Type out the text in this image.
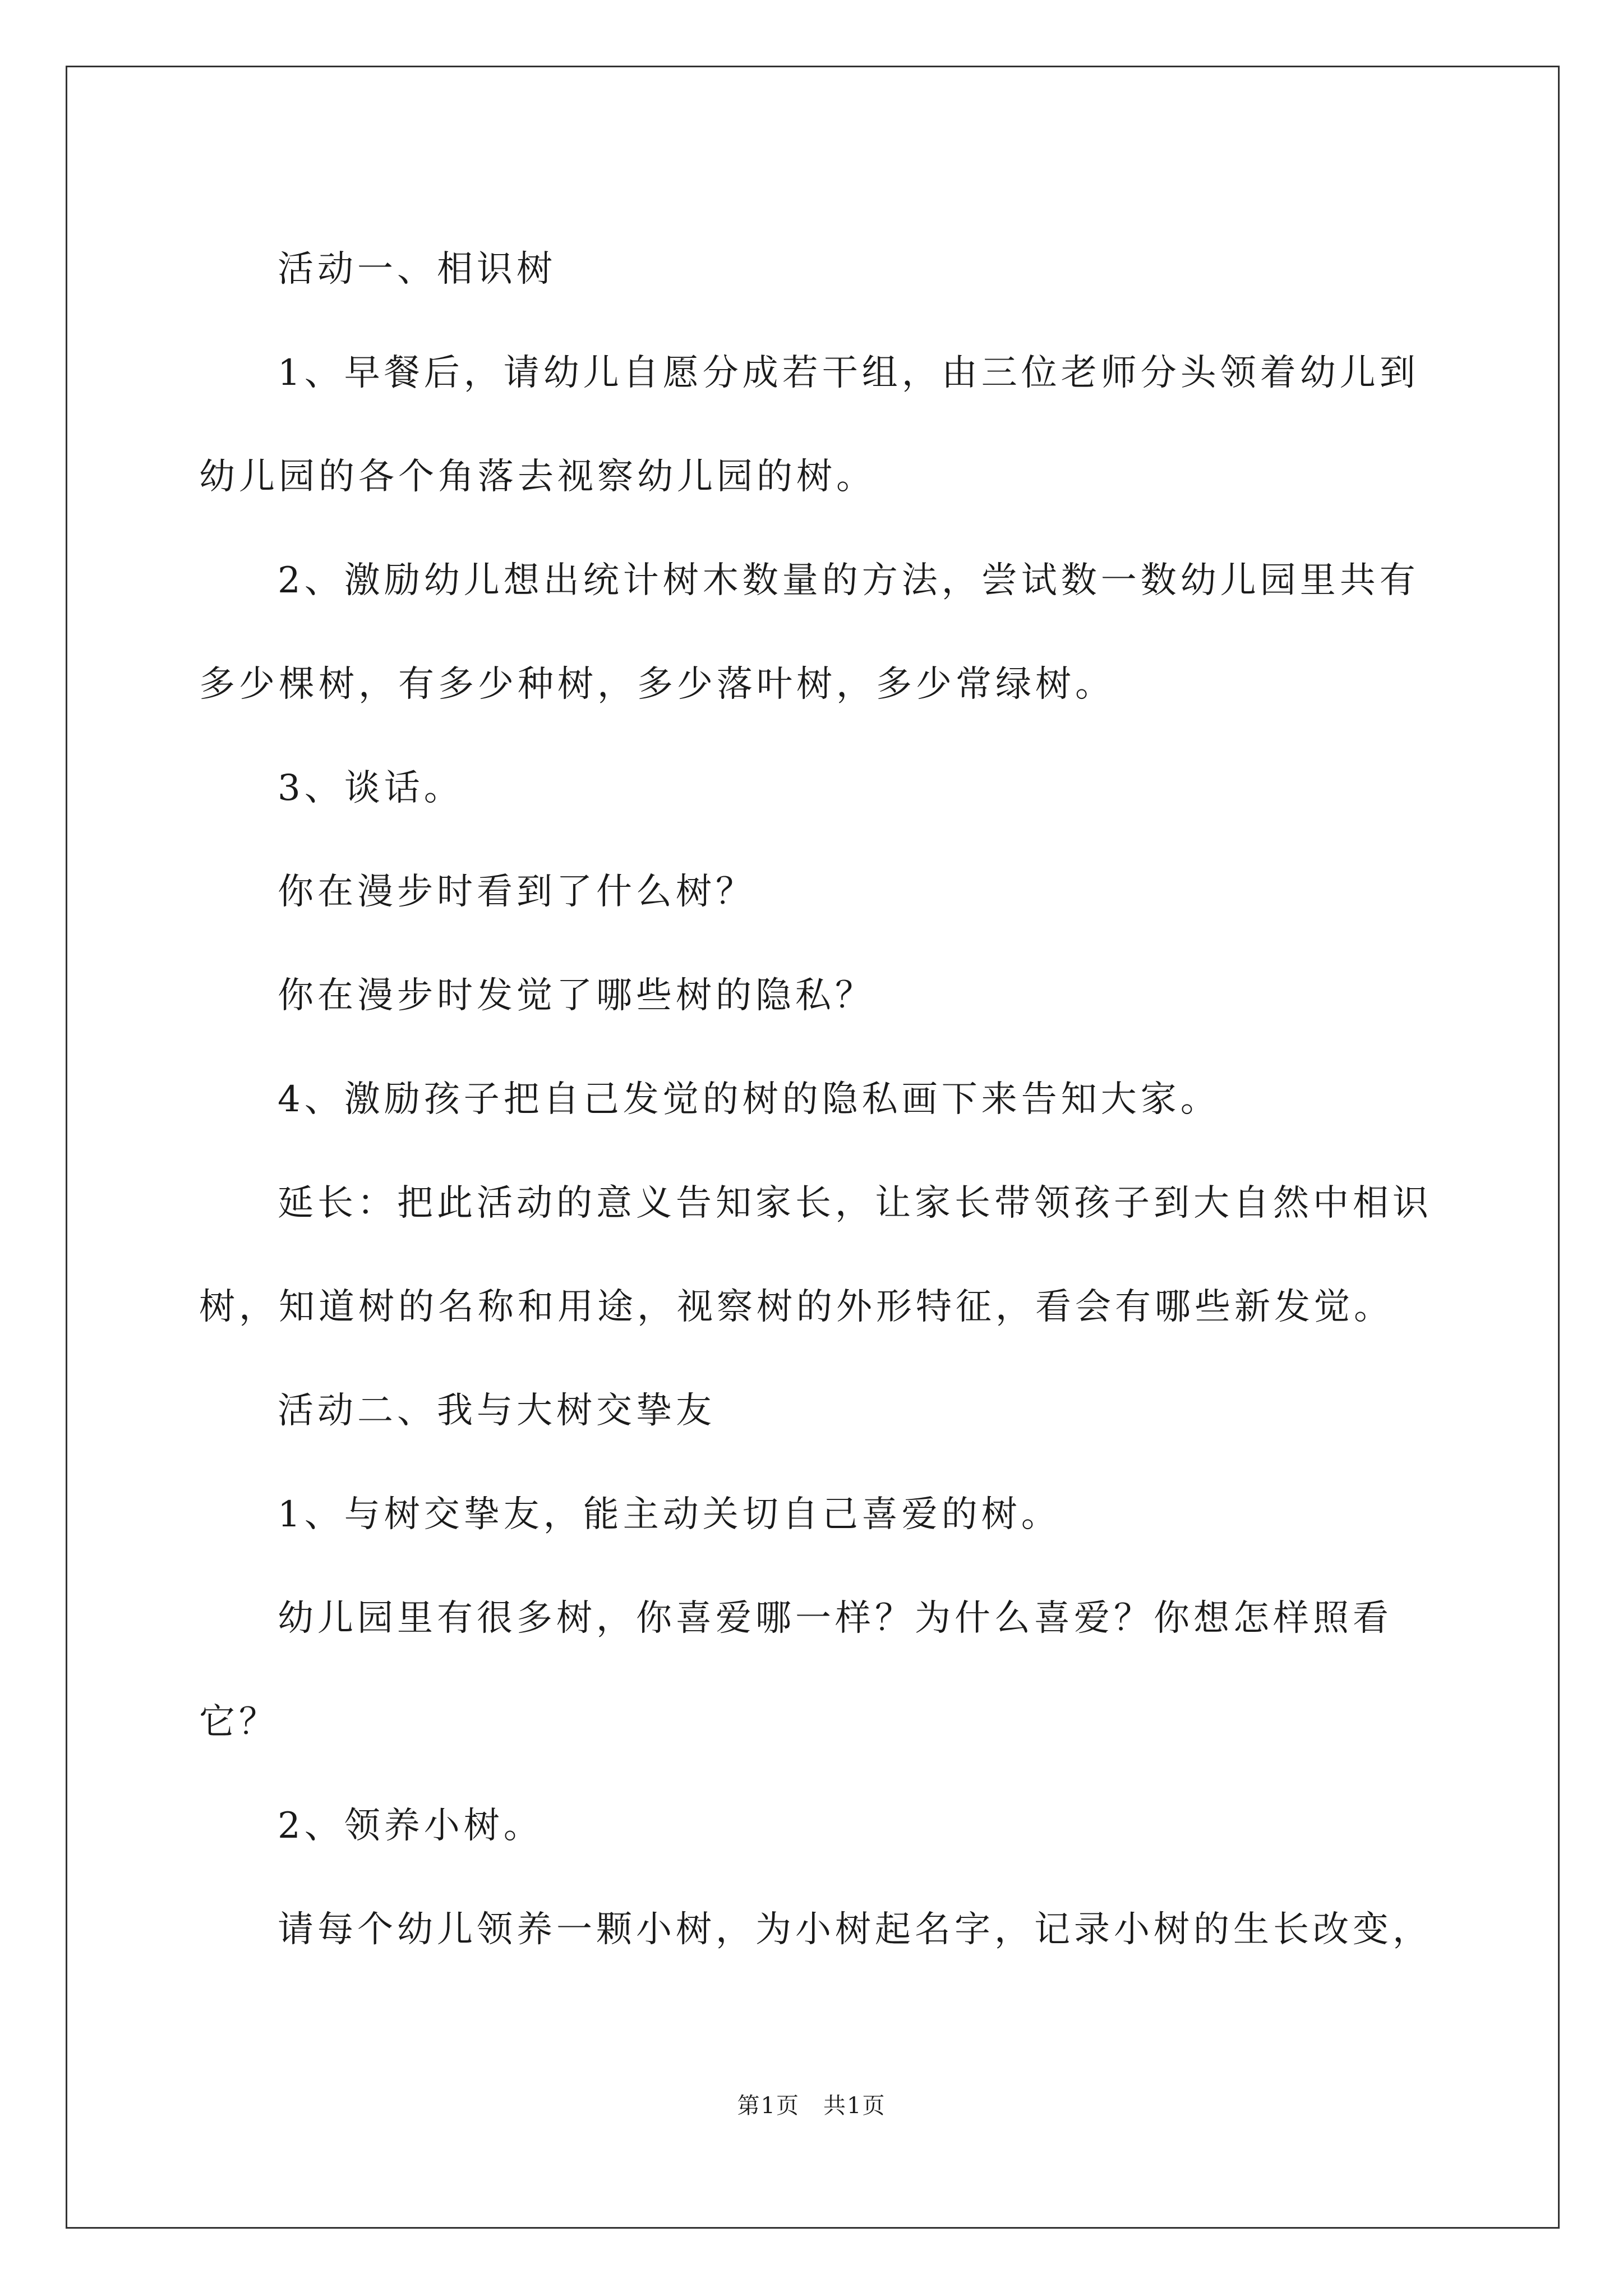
活动一、相识树

1、早餐后，请幼儿自愿分成若干组，由三位老师分头领着幼儿到幼儿园的各个角落去视察幼儿园的树。

2、激励幼儿想出统计树木数量的方法，尝试数一数幼儿园里共有多少棵树，有多少种树，多少落叶树，多少常绿树。

3、谈话。

你在漫步时看到了什么树？

你在漫步时发觉了哪些树的隐私？

4、激励孩子把自己发觉的树的隐私画下来告知大家。

延长：把此活动的意义告知家长，让家长带领孩子到大自然中相识树，知道树的名称和用途，视察树的外形特征，看会有哪些新发觉。

活动二、我与大树交挚友

1、与树交挚友，能主动关切自己喜爱的树。

幼儿园里有很多树，你喜爱哪一样？为什么喜爱？你想怎样照看它？

2、领养小树。

请每个幼儿领养一颗小树，为小树起名字，记录小树的生长改变，

第1页　共1页
